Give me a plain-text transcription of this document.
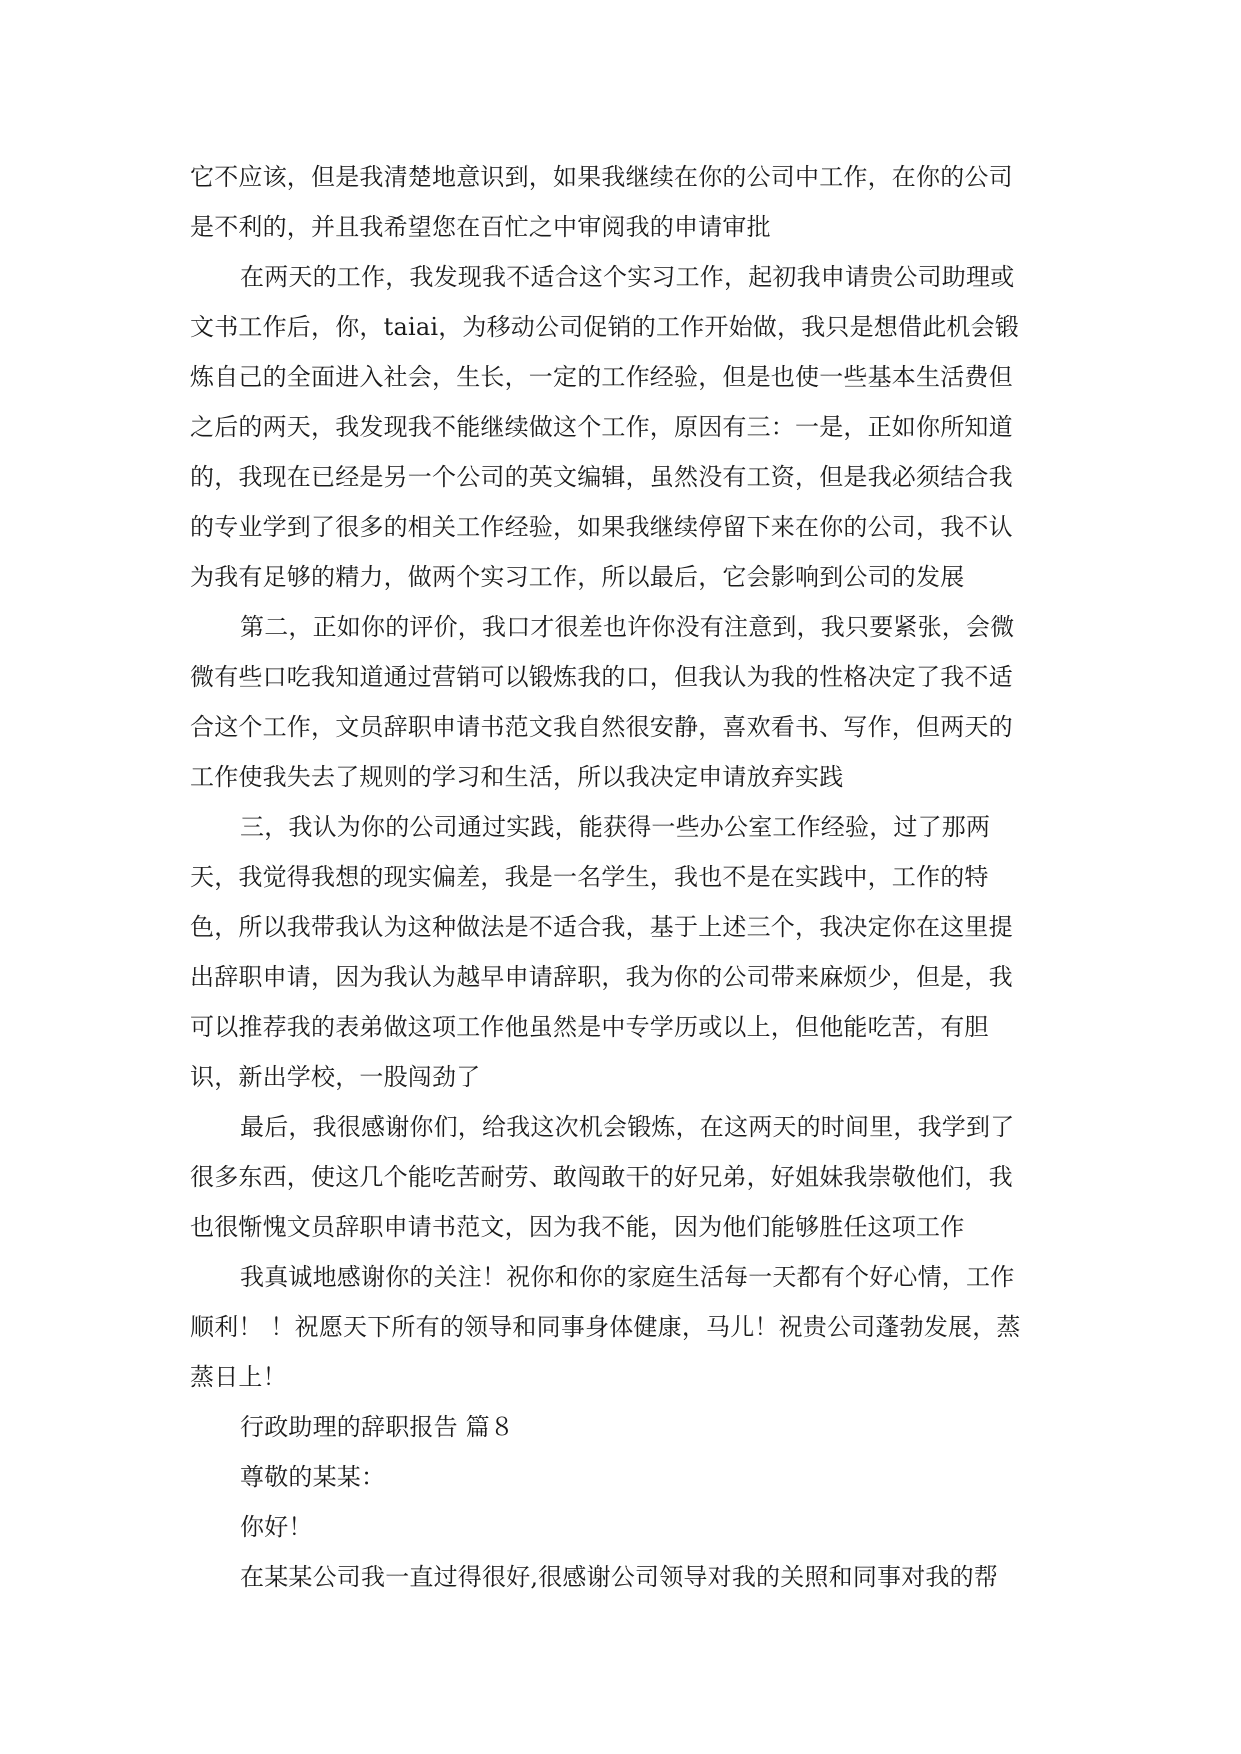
它不应该，但是我清楚地意识到，如果我继续在你的公司中工作，在你的公司
是不利的，并且我希望您在百忙之中审阅我的申请审批
在两天的工作，我发现我不适合这个实习工作，起初我申请贵公司助理或
文书工作后，你，taiai，为移动公司促销的工作开始做，我只是想借此机会锻
炼自己的全面进入社会，生长，一定的工作经验，但是也使一些基本生活费但
之后的两天，我发现我不能继续做这个工作，原因有三：一是，正如你所知道
的，我现在已经是另一个公司的英文编辑，虽然没有工资，但是我必须结合我
的专业学到了很多的相关工作经验，如果我继续停留下来在你的公司，我不认
为我有足够的精力，做两个实习工作，所以最后，它会影响到公司的发展
第二，正如你的评价，我口才很差也许你没有注意到，我只要紧张，会微
微有些口吃我知道通过营销可以锻炼我的口，但我认为我的性格决定了我不适
合这个工作，文员辞职申请书范文我自然很安静，喜欢看书、写作，但两天的
工作使我失去了规则的学习和生活，所以我决定申请放弃实践
三，我认为你的公司通过实践，能获得一些办公室工作经验，过了那两
天，我觉得我想的现实偏差，我是一名学生，我也不是在实践中，工作的特
色，所以我带我认为这种做法是不适合我，基于上述三个，我决定你在这里提
出辞职申请，因为我认为越早申请辞职，我为你的公司带来麻烦少，但是，我
可以推荐我的表弟做这项工作他虽然是中专学历或以上，但他能吃苦，有胆
识，新出学校，一股闯劲了
最后，我很感谢你们，给我这次机会锻炼，在这两天的时间里，我学到了
很多东西，使这几个能吃苦耐劳、敢闯敢干的好兄弟，好姐妹我崇敬他们，我
也很惭愧文员辞职申请书范文，因为我不能，因为他们能够胜任这项工作
我真诚地感谢你的关注！祝你和你的家庭生活每一天都有个好心情，工作
顺利！ ！祝愿天下所有的领导和同事身体健康，马儿！祝贵公司蓬勃发展，蒸
蒸日上！
行政助理的辞职报告 篇８
尊敬的某某：
你好！
在某某公司我一直过得很好,很感谢公司领导对我的关照和同事对我的帮
